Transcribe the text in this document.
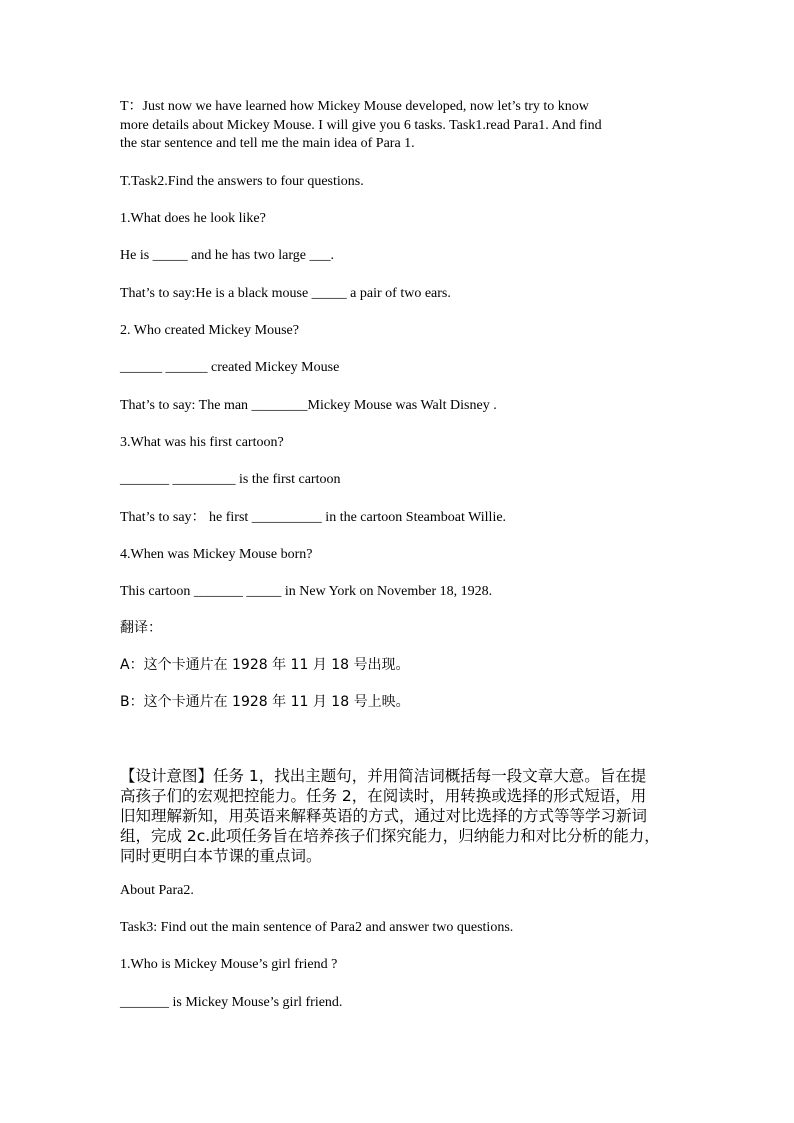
T：Just now we have learned how Mickey Mouse developed, now let’s try to know
more details about Mickey Mouse. I will give you 6 tasks. Task1.read Para1. And find
the star sentence and tell me the main idea of Para 1.
T.Task2.Find the answers to four questions.
1.What does he look like?
He is _____ and he has two large ___.
That’s to say:He is a black mouse _____ a pair of two ears.
2. Who created Mickey Mouse?
______ ______ created Mickey Mouse
That’s to say: The man ________Mickey Mouse was Walt Disney .
3.What was his first cartoon?
_______ _________ is the first cartoon
That’s to say： he first __________ in the cartoon Steamboat Willie.
4.When was Mickey Mouse born?
This cartoon _______ _____ in New York on November 18, 1928.
翻译：
A：这个卡通片在 1928 年 11 月 18 号出现。
B：这个卡通片在 1928 年 11 月 18 号上映。
【设计意图】任务 1，找出主题句，并用简洁词概括每一段文章大意。旨在提
高孩子们的宏观把控能力。任务 2，在阅读时，用转换或选择的形式短语，用
旧知理解新知，用英语来解释英语的方式，通过对比选择的方式等等学习新词
组，完成 2c.此项任务旨在培养孩子们探究能力，归纳能力和对比分析的能力，
同时更明白本节课的重点词。
About Para2.
Task3: Find out the main sentence of Para2 and answer two questions.
1.Who is Mickey Mouse’s girl friend ?
_______ is Mickey Mouse’s girl friend.
